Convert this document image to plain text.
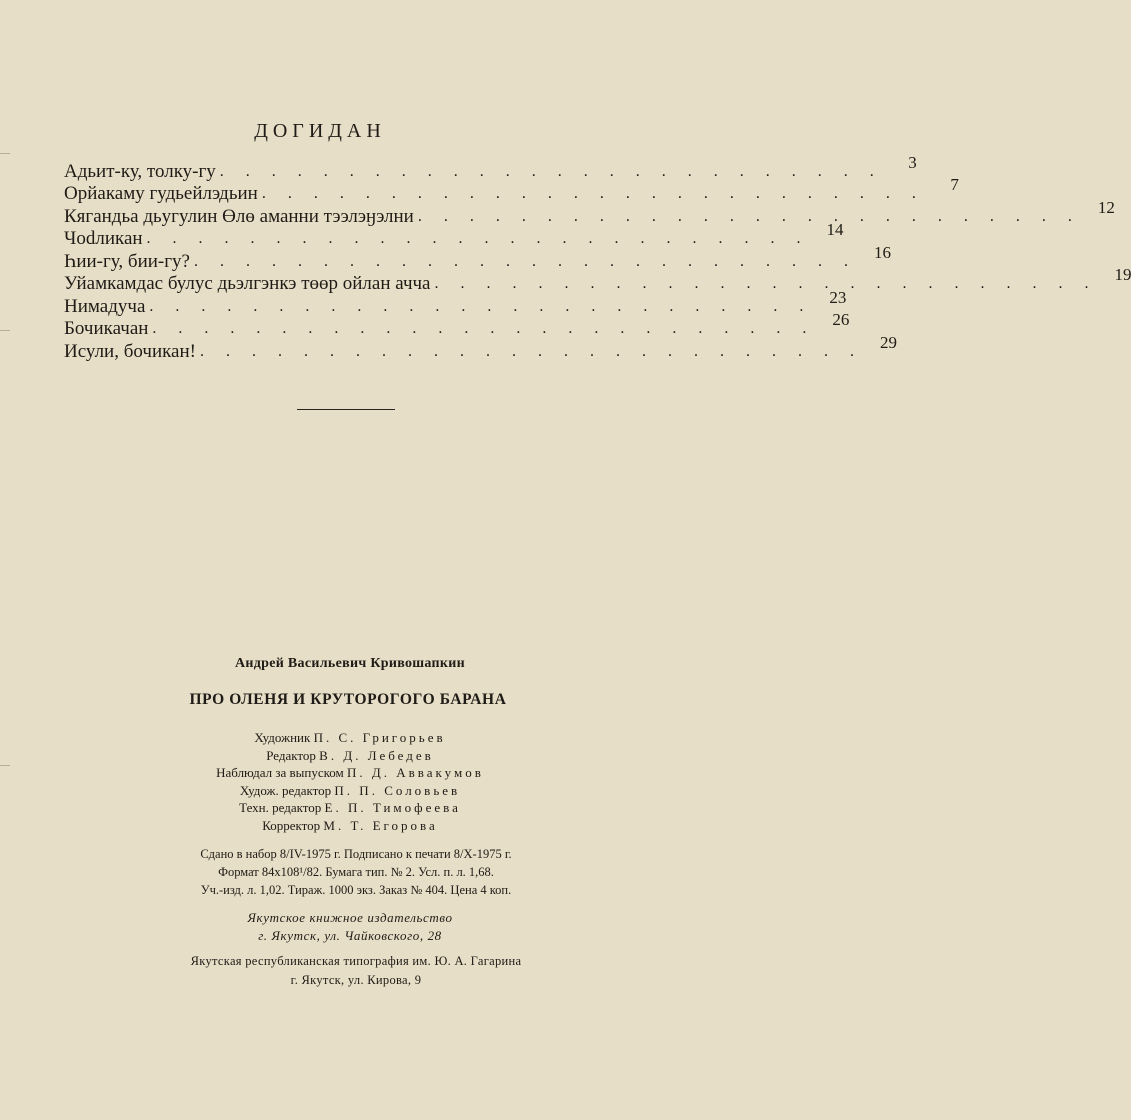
ДОГИДАН
Адьит-ку, толку-гу . . . . . . . . . . . . . . . . . . . . . . . . . .	3
Орйакаму гудьейлэдьин . . . . . . . . . . . . . . . . . . . . . . . . . .	7
Кягандьа дьугулин Өлө аманни тээлэӈэлни . . . . . . . . . . . . . . . . . . . . . . . . . .	12
Чоԁликан . . . . . . . . . . . . . . . . . . . . . . . . . .	14
Һии-гу, бии-гу? . . . . . . . . . . . . . . . . . . . . . . . . . .	16
Уйамкамдас булус дьэлгэнкэ төөр ойлан аччa . . . . . . . . . . . . . . . . . . . . . . . . . .	19
Нимадуча . . . . . . . . . . . . . . . . . . . . . . . . . .	23
Бочикачан . . . . . . . . . . . . . . . . . . . . . . . . . .	26
Исули, бочикан! . . . . . . . . . . . . . . . . . . . . . . . . . .	29
Андрей Васильевич Кривошапкин
ПРО ОЛЕНЯ И КРУТОРОГОГО БАРАНА
Художник П. С. Григорьев
Редактор В. Д. Лебедев
Наблюдал за выпуском П. Д. Аввакумов
Худож. редактор П. П. Соловьев
Техн. редактор Е. П. Тимофеева
Корректор М. Т. Егорова
Сдано в набор 8/IV-1975 г. Подписано к печати 8/X-1975 г.
Формат 84x108¹/82. Бумага тип. № 2. Усл. п. л. 1,68.
Уч.-изд. л. 1,02. Тираж. 1000 экз. Заказ № 404. Цена 4 коп.
Якутское книжное издательство
г. Якутск, ул. Чайковского, 28
Якутская республиканская типография им. Ю. А. Гагарина
г. Якутск, ул. Кирова, 9
